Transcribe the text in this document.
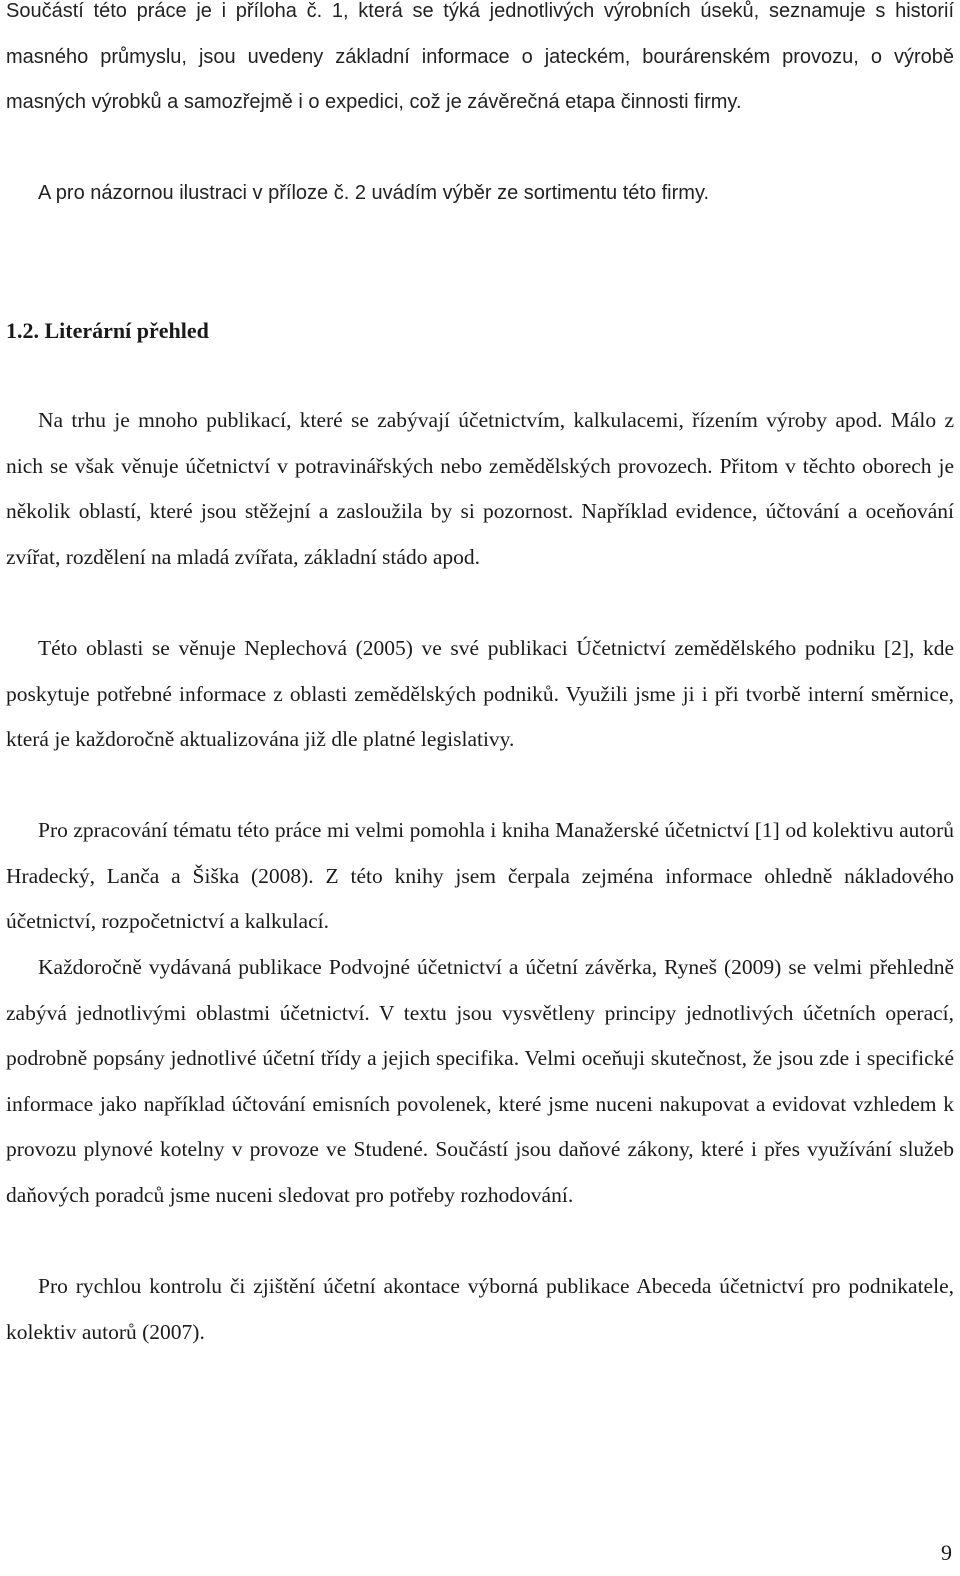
Součástí této práce je i příloha č. 1, která se týká jednotlivých výrobních úseků, seznamuje s historií masného průmyslu, jsou uvedeny základní informace o jateckém, bourárenském provozu, o výrobě masných výrobků a samozřejmě i o expedici, což je závěrečná etapa činnosti firmy.

A pro názornou ilustraci v příloze č. 2 uvádím výběr ze sortimentu této firmy.

1.2. Literární přehled

Na trhu je mnoho publikací, které se zabývají účetnictvím, kalkulacemi, řízením výroby apod. Málo z nich se však věnuje účetnictví v potravinářských nebo zemědělských provozech. Přitom v těchto oborech je několik oblastí, které jsou stěžejní a zasloužila by si pozornost. Například evidence, účtování a oceňování zvířat, rozdělení na mladá zvířata, základní stádo apod.

Této oblasti se věnuje Neplechová (2005) ve své publikaci Účetnictví zemědělského podniku [2], kde poskytuje potřebné informace z oblasti zemědělských podniků. Využili jsme ji i při tvorbě interní směrnice, která je každoročně aktualizována již dle platné legislativy.

Pro zpracování tématu této práce mi velmi pomohla i kniha Manažerské účetnictví [1] od kolektivu autorů Hradecký, Lanča a Šiška (2008). Z této knihy jsem čerpala zejména informace ohledně nákladového účetnictví, rozpočetnictví a kalkulací.

Každoročně vydávaná publikace Podvojné účetnictví a účetní závěrka, Ryneš (2009) se velmi přehledně zabývá jednotlivými oblastmi účetnictví. V textu jsou vysvětleny principy jednotlivých účetních operací, podrobně popsány jednotlivé účetní třídy a jejich specifika. Velmi oceňuji skutečnost, že jsou zde i specifické informace jako například účtování emisních povolenek, které jsme nuceni nakupovat a evidovat vzhledem k provozu plynové kotelny v provoze ve Studené. Součástí jsou daňové zákony, které i přes využívání služeb daňových poradců jsme nuceni sledovat pro potřeby rozhodování.

Pro rychlou kontrolu či zjištění účetní akontace výborná publikace Abeceda účetnictví pro podnikatele, kolektiv autorů (2007).

9
